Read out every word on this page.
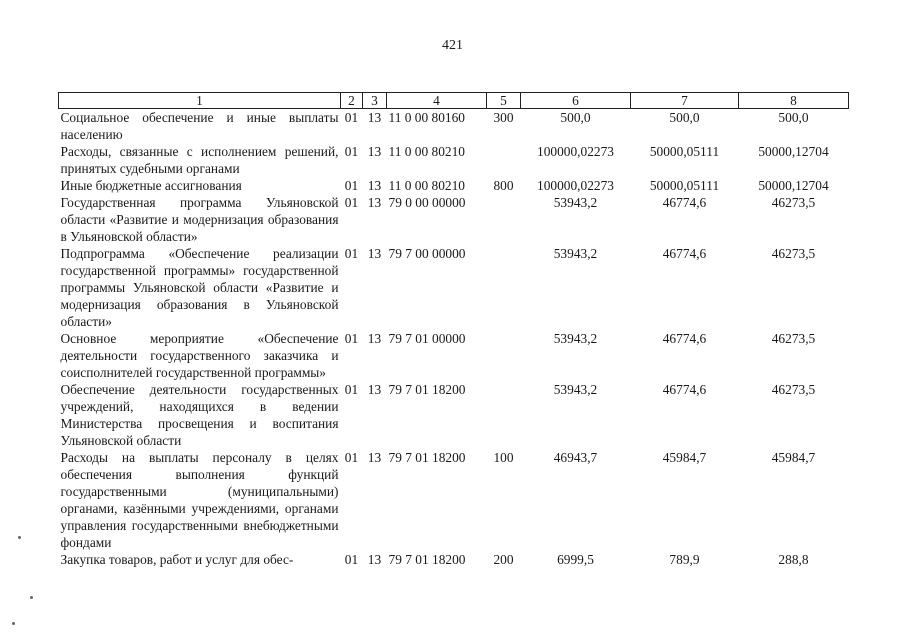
421
1	2	3	4	5	6	7	8
Социальное обеспечение и иные выплаты населению	01	13	11 0 00 80160	300	500,0	500,0	500,0
Расходы, связанные с исполнением решений, принятых судебными органами	01	13	11 0 00 80210		100000,02273	50000,05111	50000,12704
Иные бюджетные ассигнования	01	13	11 0 00 80210	800	100000,02273	50000,05111	50000,12704
Государственная программа Ульяновской области «Развитие и модернизация образования в Ульяновской области»	01	13	79 0 00 00000		53943,2	46774,6	46273,5
Подпрограмма «Обеспечение реализации государственной программы» государственной программы Ульяновской области «Развитие и модернизация образования в Ульяновской области»	01	13	79 7 00 00000		53943,2	46774,6	46273,5
Основное мероприятие «Обеспечение деятельности государственного заказчика и соисполнителей государственной программы»	01	13	79 7 01 00000		53943,2	46774,6	46273,5
Обеспечение деятельности государственных учреждений, находящихся в ведении Министерства просвещения и воспитания Ульяновской области	01	13	79 7 01 18200		53943,2	46774,6	46273,5
Расходы на выплаты персоналу в целях обеспечения выполнения функций государственными (муниципальными) органами, казёнными учреждениями, органами управления государственными внебюджетными фондами	01	13	79 7 01 18200	100	46943,7	45984,7	45984,7
Закупка товаров, работ и услуг для обес-	01	13	79 7 01 18200	200	6999,5	789,9	288,8
